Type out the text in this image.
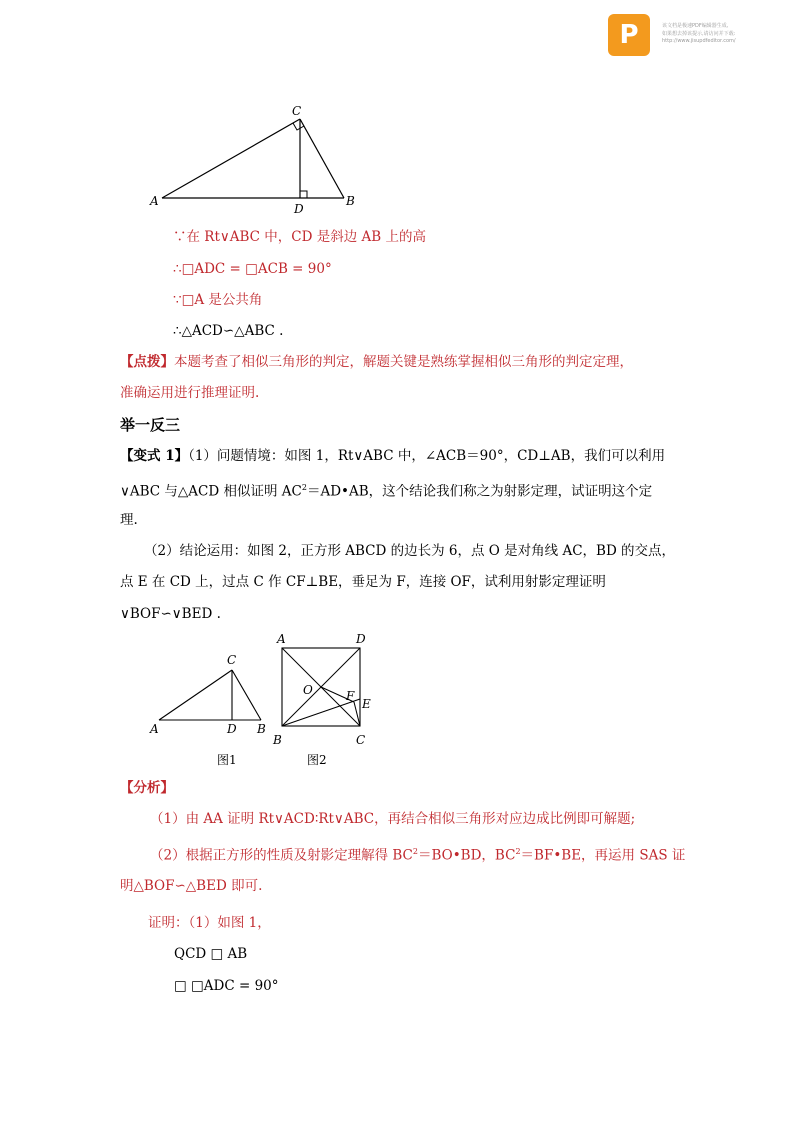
P	该文档是极速PDF编辑器生成,
如果想去掉该提示,请访问并下载:
http://www.jisupdfeditor.com/
A	B
C
D
∵在 Rt∨ABC 中，CD 是斜边 AB 上的高
∴□ADC = □ACB = 90°
∵□A 是公共角
∴△ACD∽△ABC .
【点拨】本题考查了相似三角形的判定，解题关键是熟练掌握相似三角形的判定定理，
准确运用进行推理证明.
举一反三
【变式 1】（1）问题情境：如图 1，Rt∨ABC 中，∠ACB＝90°，CD⊥AB，我们可以利用
∨ABC 与△ACD 相似证明 $AC^2=AD•AB$，这个结论我们称之为射影定理，试证明这个定
理.
（2）结论运用：如图 2，正方形 ABCD 的边长为 6，点 O 是对角线 AC，BD 的交点，
点 E 在 CD 上，过点 C 作 CF⊥BE，垂足为 F，连接 OF，试利用射影定理证明
∨BOF∽∨BED .
A	B
C
D
A	D
B	C
O	F
E
图1	图2
【分析】
（1）由 AA 证明 Rt∨ACD∶Rt∨ABC，再结合相似三角形对应边成比例即可解题;
（2）根据正方形的性质及射影定理解得 $BC^2=BO•BD$，$BC^2=BF•BE$，再运用 SAS 证
明△BOF∽△BED 即可.
证明：（1）如图 1，
QCD □ AB
□ □ADC = 90°
